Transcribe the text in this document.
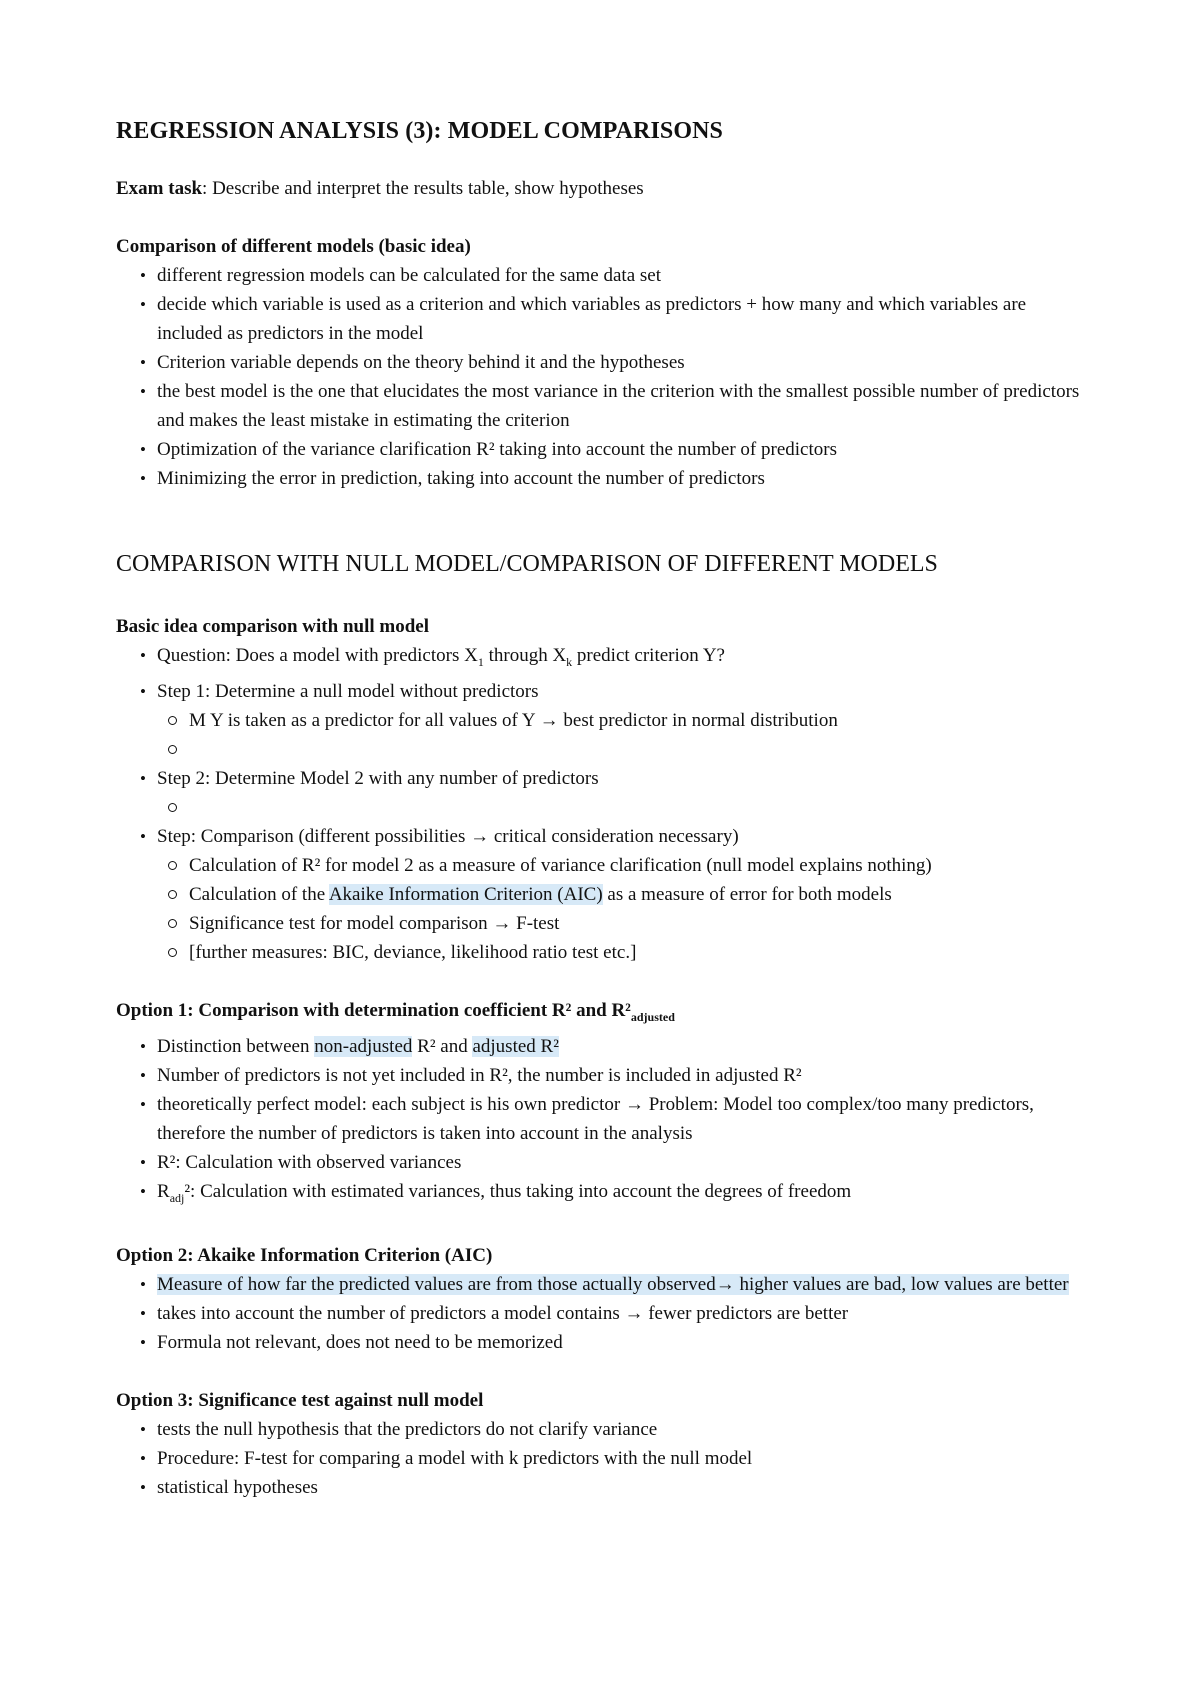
REGRESSION ANALYSIS (3): MODEL COMPARISONS

Exam task: Describe and interpret the results table, show hypotheses

Comparison of different models (basic idea)
• different regression models can be calculated for the same data set
• decide which variable is used as a criterion and which variables as predictors + how many and which variables are included as predictors in the model
• Criterion variable depends on the theory behind it and the hypotheses
• the best model is the one that elucidates the most variance in the criterion with the smallest possible number of predictors and makes the least mistake in estimating the criterion
• Optimization of the variance clarification R² taking into account the number of predictors
• Minimizing the error in prediction, taking into account the number of predictors
COMPARISON WITH NULL MODEL/COMPARISON OF DIFFERENT MODELS
Basic idea comparison with null model
• Question: Does a model with predictors $X_1$ through $X_k$ predict criterion Y?
• Step 1: Determine a null model without predictors
M Y is taken as a predictor for all values of Y → best predictor in normal distribution
• Step 2: Determine Model 2 with any number of predictors
• Step: Comparison (different possibilities → critical consideration necessary)
Calculation of R² for model 2 as a measure of variance clarification (null model explains nothing)
Calculation of the Akaike Information Criterion (AIC) as a measure of error for both models
Significance test for model comparison → F-test
[further measures: BIC, deviance, likelihood ratio test etc.]
Option 1: Comparison with determination coefficient R² and $R^2_{adjusted}$
• Distinction between non-adjusted R² and adjusted R²
• Number of predictors is not yet included in R², the number is included in adjusted R²
• theoretically perfect model: each subject is his own predictor → Problem: Model too complex/too many predictors, therefore the number of predictors is taken into account in the analysis
• R²: Calculation with observed variances
• $R_{adj}^2$: Calculation with estimated variances, thus taking into account the degrees of freedom
Option 2: Akaike Information Criterion (AIC)
• Measure of how far the predicted values are from those actually observed→ higher values are bad, low values are better
• takes into account the number of predictors a model contains → fewer predictors are better
• Formula not relevant, does not need to be memorized
Option 3: Significance test against null model
• tests the null hypothesis that the predictors do not clarify variance
• Procedure: F-test for comparing a model with k predictors with the null model
• statistical hypotheses
